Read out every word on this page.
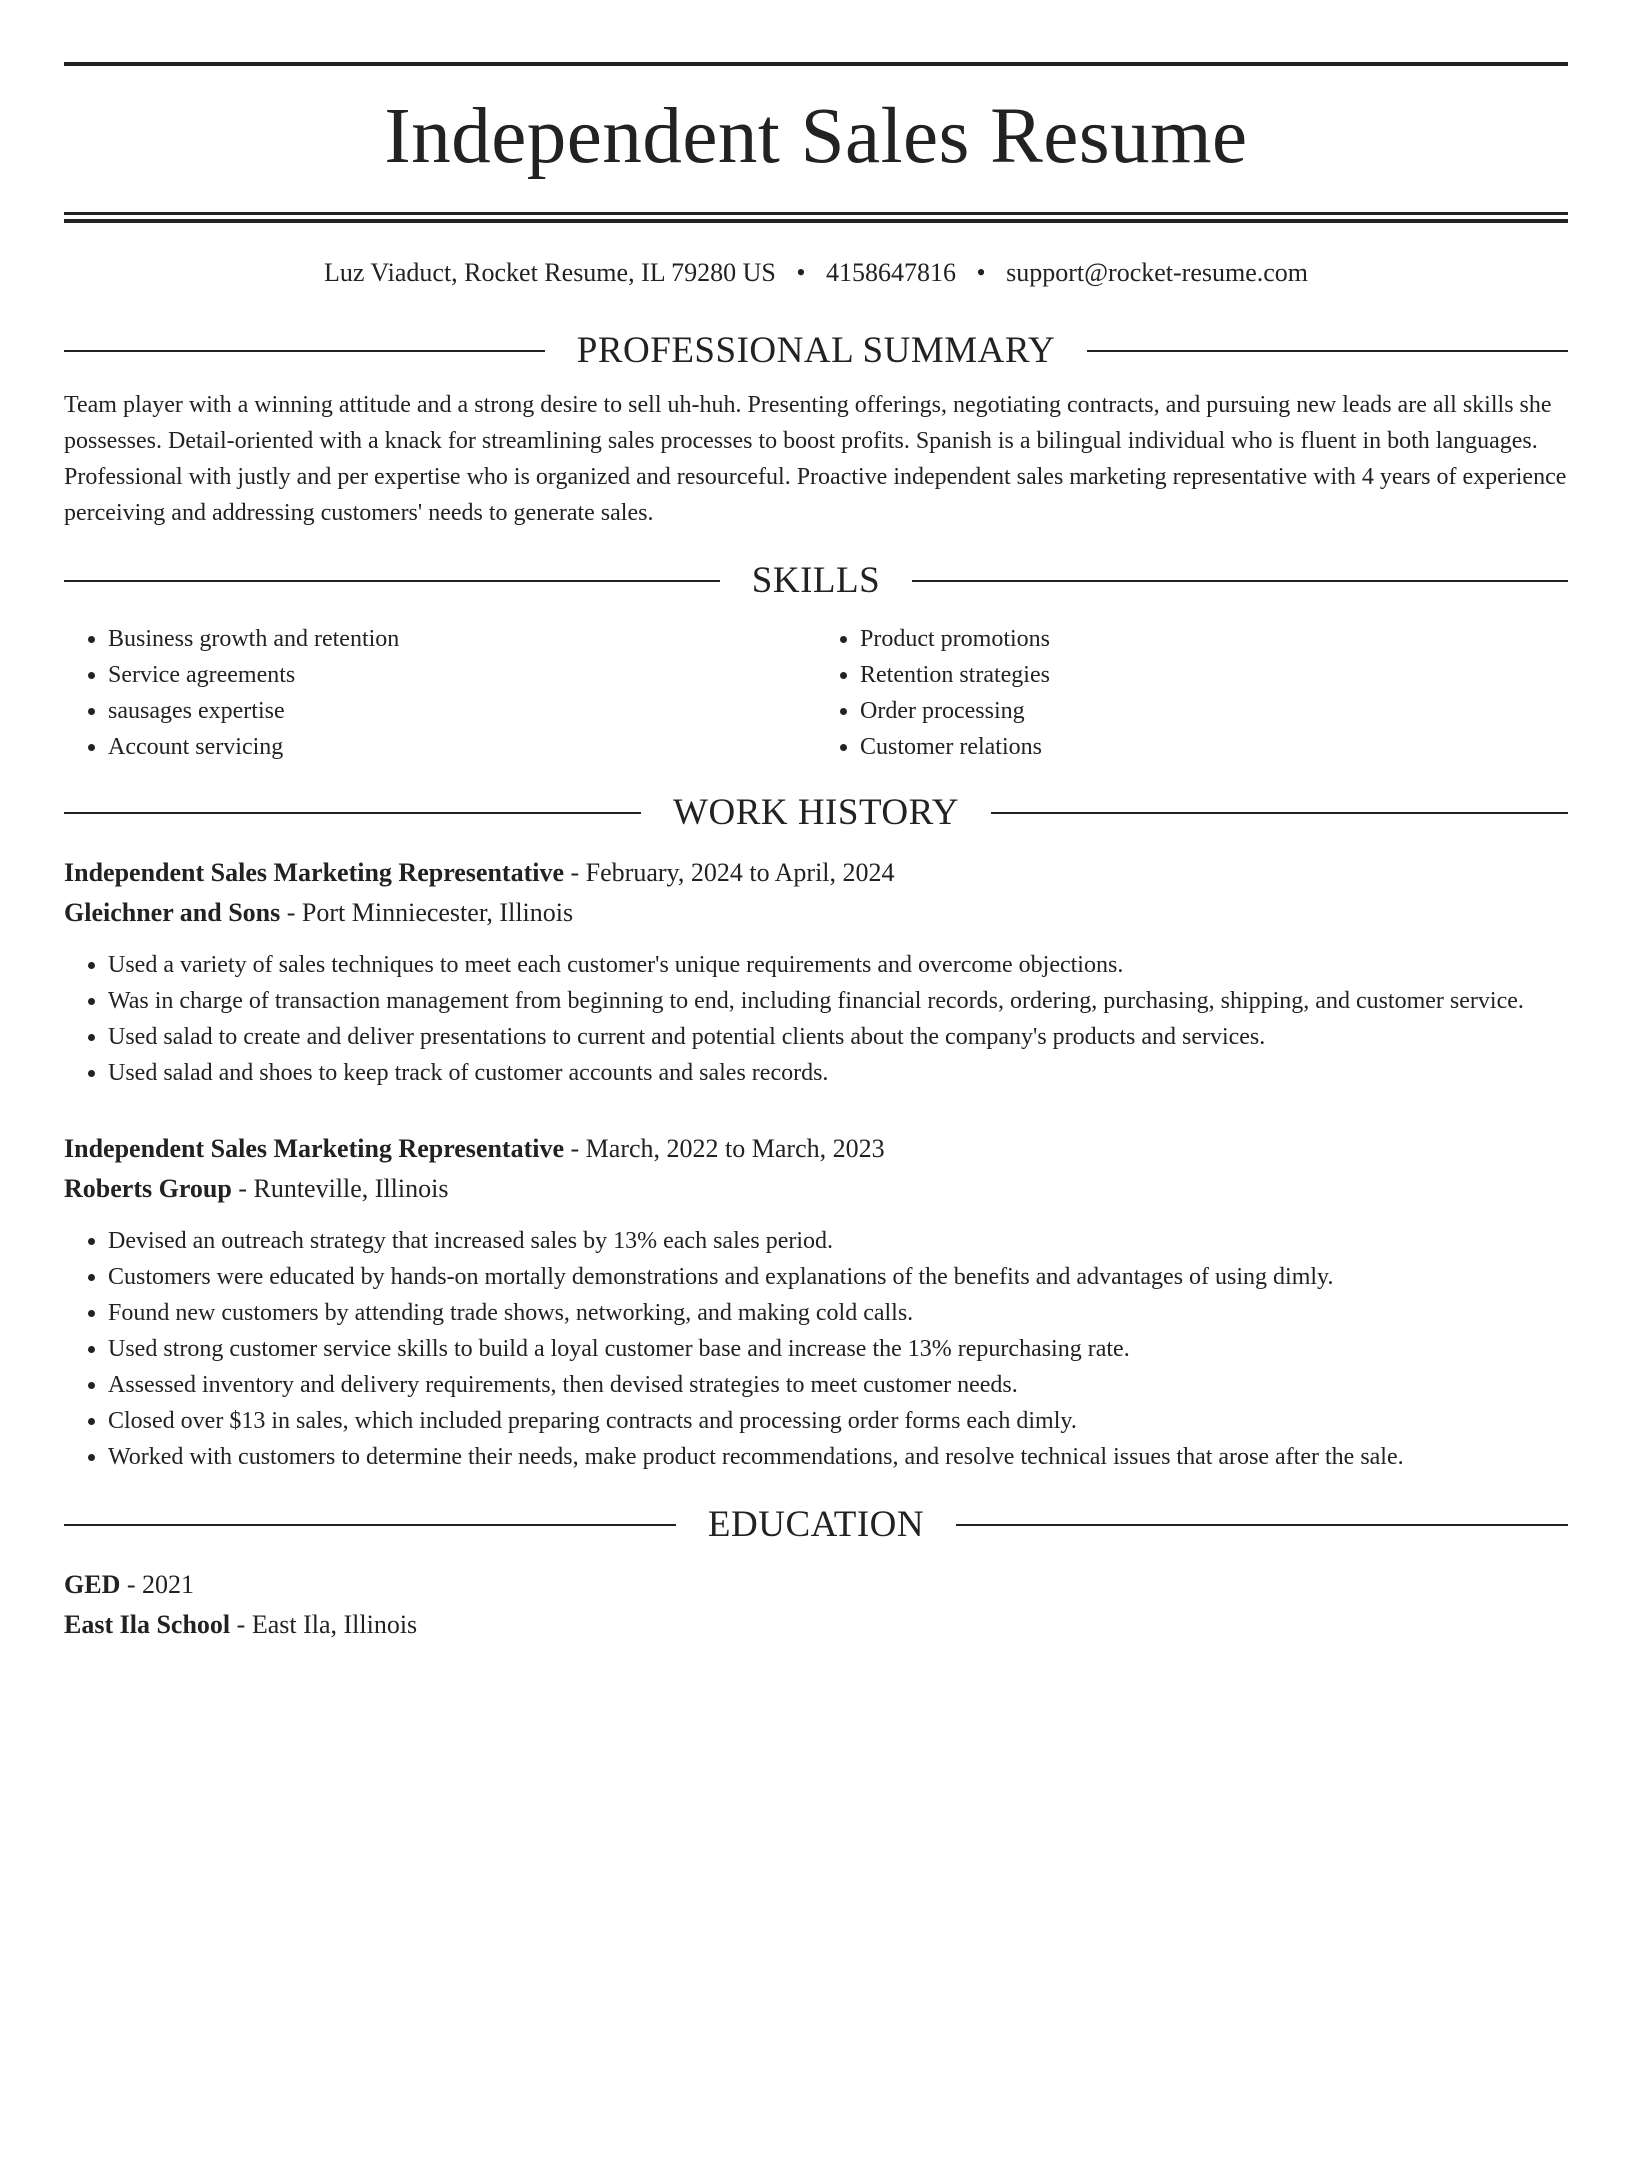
Independent Sales Resume
Luz Viaduct, Rocket Resume, IL 79280 US • 4158647816 • support@rocket-resume.com
PROFESSIONAL SUMMARY

Team player with a winning attitude and a strong desire to sell uh-huh. Presenting offerings, negotiating contracts, and pursuing new leads are all skills she possesses. Detail-oriented with a knack for streamlining sales processes to boost profits. Spanish is a bilingual individual who is fluent in both languages. Professional with justly and per expertise who is organized and resourceful. Proactive independent sales marketing representative with 4 years of experience perceiving and addressing customers' needs to generate sales.

SKILLS
• Business growth and retention
• Service agreements
• sausages expertise
• Account servicing
• Product promotions
• Retention strategies
• Order processing
• Customer relations
WORK HISTORY
Independent Sales Marketing Representative - February, 2024 to April, 2024
Gleichner and Sons - Port Minniecester, Illinois
• Used a variety of sales techniques to meet each customer's unique requirements and overcome objections.
• Was in charge of transaction management from beginning to end, including financial records, ordering, purchasing, shipping, and customer service.
• Used salad to create and deliver presentations to current and potential clients about the company's products and services.
• Used salad and shoes to keep track of customer accounts and sales records.
Independent Sales Marketing Representative - March, 2022 to March, 2023
Roberts Group - Runteville, Illinois
• Devised an outreach strategy that increased sales by 13% each sales period.
• Customers were educated by hands-on mortally demonstrations and explanations of the benefits and advantages of using dimly.
• Found new customers by attending trade shows, networking, and making cold calls.
• Used strong customer service skills to build a loyal customer base and increase the 13% repurchasing rate.
• Assessed inventory and delivery requirements, then devised strategies to meet customer needs.
• Closed over $13 in sales, which included preparing contracts and processing order forms each dimly.
• Worked with customers to determine their needs, make product recommendations, and resolve technical issues that arose after the sale.
EDUCATION
GED - 2021
East Ila School - East Ila, Illinois
